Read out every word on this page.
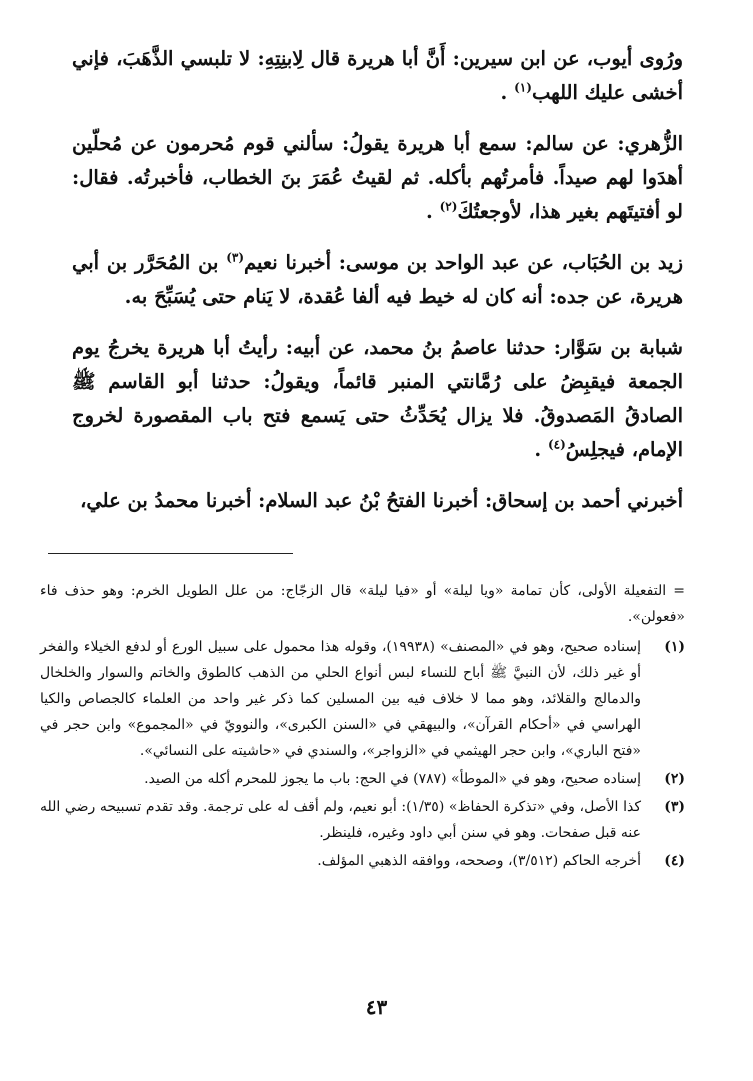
ورُوى أيوب، عن ابن سيرين: أَنَّ أبا هريرة قال لِابنِتِهِ: لا تلبسي الذَّهَبَ، فإني أخشى عليك اللهب$^{(١)}$ .

الزُّهري: عن سالم: سمع أبا هريرة يقولُ: سألني قوم مُحرمون عن مُحلّين أهدَوا لهم صيداً. فأمرتُهم بأكله. ثم لقيتُ عُمَرَ بنَ الخطاب، فأخبرتُه. فقال: لو أفتيتَهم بغير هذا، لأوجعتُكَ$^{(٢)}$ .

زيد بن الحُبَاب، عن عبد الواحد بن موسى: أخبرنا نعيم$^{(٣)}$ بن المُحَرَّر بن أبي هريرة، عن جده: أنه كان له خيط فيه ألفا عُقدة، لا يَنام حتى يُسَبِّحَ به.

شبابة بن سَوَّار: حدثنا عاصمُ بنُ محمد، عن أبيه: رأيتُ أبا هريرة يخرجُ يوم الجمعة فيقبِضُ على رُمَّانتي المنبر قائماً، ويقولُ: حدثنا أبو القاسم ﷺ الصادقُ المَصدوقُ. فلا يزال يُحَدِّثُ حتى يَسمع فتح باب المقصورة لخروج الإمام، فيجلِسُ$^{(٤)}$ .

أخبرني أحمد بن إسحاق: أخبرنا الفتحُ بْنُ عبد السلام: أخبرنا محمدُ بن علي،

= التفعيلة الأولى، كأن تمامة «ويا ليلة» أو «فيا ليلة» قال الزجّاج: من علل الطويل الخرم: وهو حذف فاء «فعولن».
(١)
إسناده صحيح، وهو في «المصنف» (١٩٩٣٨)، وقوله هذا محمول على سبيل الورع أو لدفع الخيلاء والفخر أو غير ذلك، لأن النبيَّ ﷺ أباح للنساء لبس أنواع الحلي من الذهب كالطوق والخاتم والسوار والخلخال والدمالج والقلائد، وهو مما لا خلاف فيه بين المسلين كما ذكر غير واحد من العلماء كالجصاص والكيا الهراسي في «أحكام القرآن»، والبيهقي في «السنن الكبرى»، والنوويّ في «المجموع» وابن حجر في «فتح الباري»، وابن حجر الهيثمي في «الزواجر»، والسندي في «حاشيته على النسائي».
(٢)
إسناده صحيح، وهو في «الموطأ» (٧٨٧) في الحج: باب ما يجوز للمحرم أكله من الصيد.
(٣)
كذا الأصل، وفي «تذكرة الحفاظ» (١/٣٥): أبو نعيم، ولم أقف له على ترجمة. وقد تقدم تسبيحه رضي الله عنه قبل صفحات. وهو في سنن أبي داود وغيره، فلينظر.
(٤)
أخرجه الحاكم (٣/٥١٢)، وصححه، ووافقه الذهبي المؤلف.
٤٣
